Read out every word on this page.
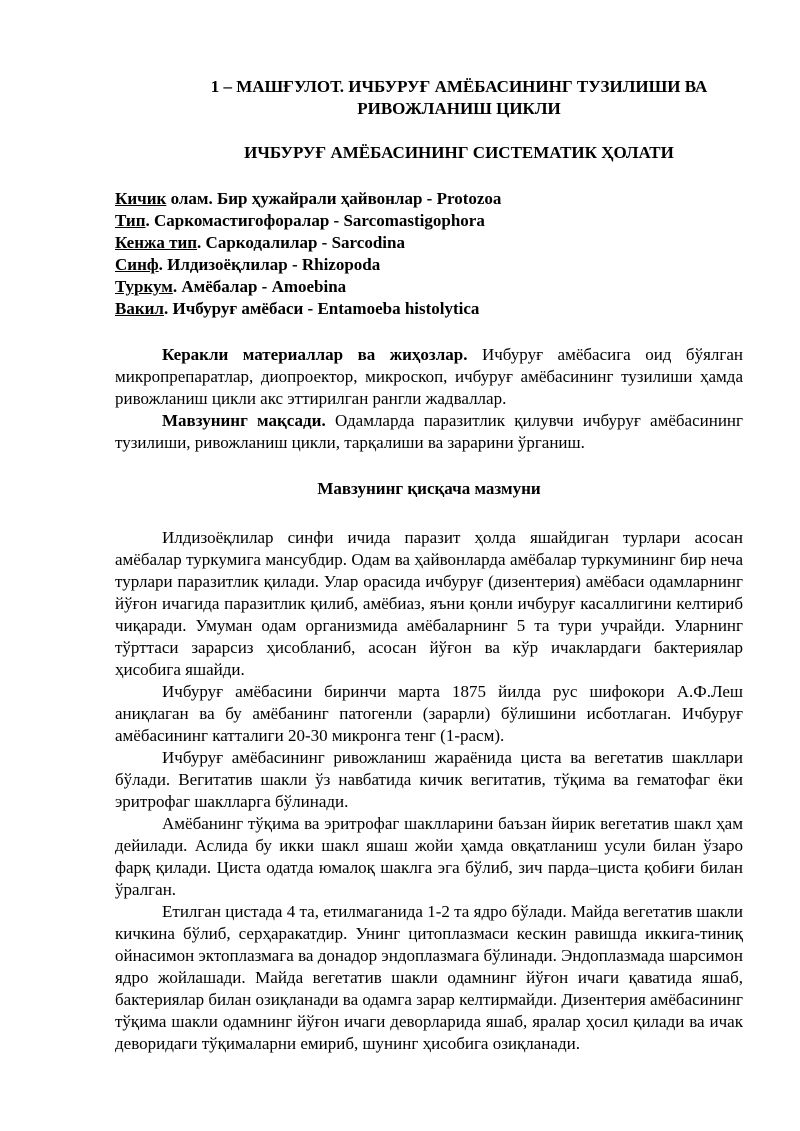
1 – МАШҒУЛОТ. ИЧБУРУҒ АМЁБАСИНИНГ ТУЗИЛИШИ ВА РИВОЖЛАНИШ ЦИКЛИ

ИЧБУРУҒ АМЁБАСИНИНГ СИСТЕМАТИК ҲОЛАТИ

Кичик олам. Бир ҳужайрали ҳайвонлар - Protozoa

Тип. Саркомастигофоралар - Sarcomastigophora

Кенжа тип. Саркодалилар - Sarcodina

Синф. Илдизоёқлилар - Rhizopoda

Туркум. Амёбалар - Amoebina

Вакил. Ичбуруғ амёбаси - Entamoeba histolytica

Керакли материаллар ва жиҳозлар. Ичбуруғ амёбасига оид бўялган микропрепаратлар, диопроектор, микроскоп, ичбуруғ амёбасининг тузилиши ҳамда ривожланиш цикли акс эттирилган рангли жадваллар.

Мавзунинг мақсади. Одамларда паразитлик қилувчи ичбуруғ амёбасининг тузилиши, ривожланиш цикли, тарқалиши ва зарарини ўрганиш.

Мавзунинг қисқача мазмуни

Илдизоёқлилар синфи ичида паразит ҳолда яшайдиган турлари асосан амёбалар туркумига мансубдир. Одам ва ҳайвонларда амёбалар туркумининг бир неча турлари паразитлик қилади. Улар орасида ичбуруғ (дизентерия) амёбаси одамларнинг йўғон ичагида паразитлик қилиб, амёбиаз, яъни қонли ичбуруғ касаллигини келтириб чиқаради. Умуман одам организмида амёбаларнинг 5 та тури учрайди. Уларнинг тўрттаси зарарсиз ҳисобланиб, асосан йўғон ва кўр ичаклардаги бактериялар ҳисобига яшайди.

Ичбуруғ амёбасини биринчи марта 1875 йилда рус шифокори А.Ф.Леш аниқлаган ва бу амёбанинг патогенли (зарарли) бўлишини исботлаган. Ичбуруғ амёбасининг катталиги 20-30 микронга тенг (1-расм).

Ичбуруғ амёбасининг ривожланиш жараёнида циста ва вегетатив шакллари бўлади. Вегитатив шакли ўз навбатида кичик вегитатив, тўқима ва гематофаг ёки эритрофаг шаклларга бўлинади.

Амёбанинг тўқима ва эритрофаг шаклларини баъзан йирик вегетатив шакл ҳам дейилади. Аслида бу икки шакл яшаш жойи ҳамда овқатланиш усули билан ўзаро фарқ қилади. Циста одатда юмалоқ шаклга эга бўлиб, зич парда–циста қобиғи билан ўралган.

Етилган цистада 4 та, етилмаганида 1-2 та ядро бўлади. Майда вегетатив шакли кичкина бўлиб, серҳаракатдир. Унинг цитоплазмаси кескин равишда иккига-тиниқ ойнасимон эктоплазмага ва донадор эндоплазмага бўлинади. Эндоплазмада шарсимон ядро жойлашади. Майда вегетатив шакли одамнинг йўғон ичаги қаватида яшаб, бактериялар билан озиқланади ва одамга зарар келтирмайди. Дизентерия амёбасининг тўқима шакли одамнинг йўғон ичаги деворларида яшаб, яралар ҳосил қилади ва ичак деворидаги тўқималарни емириб, шунинг ҳисобига озиқланади.
